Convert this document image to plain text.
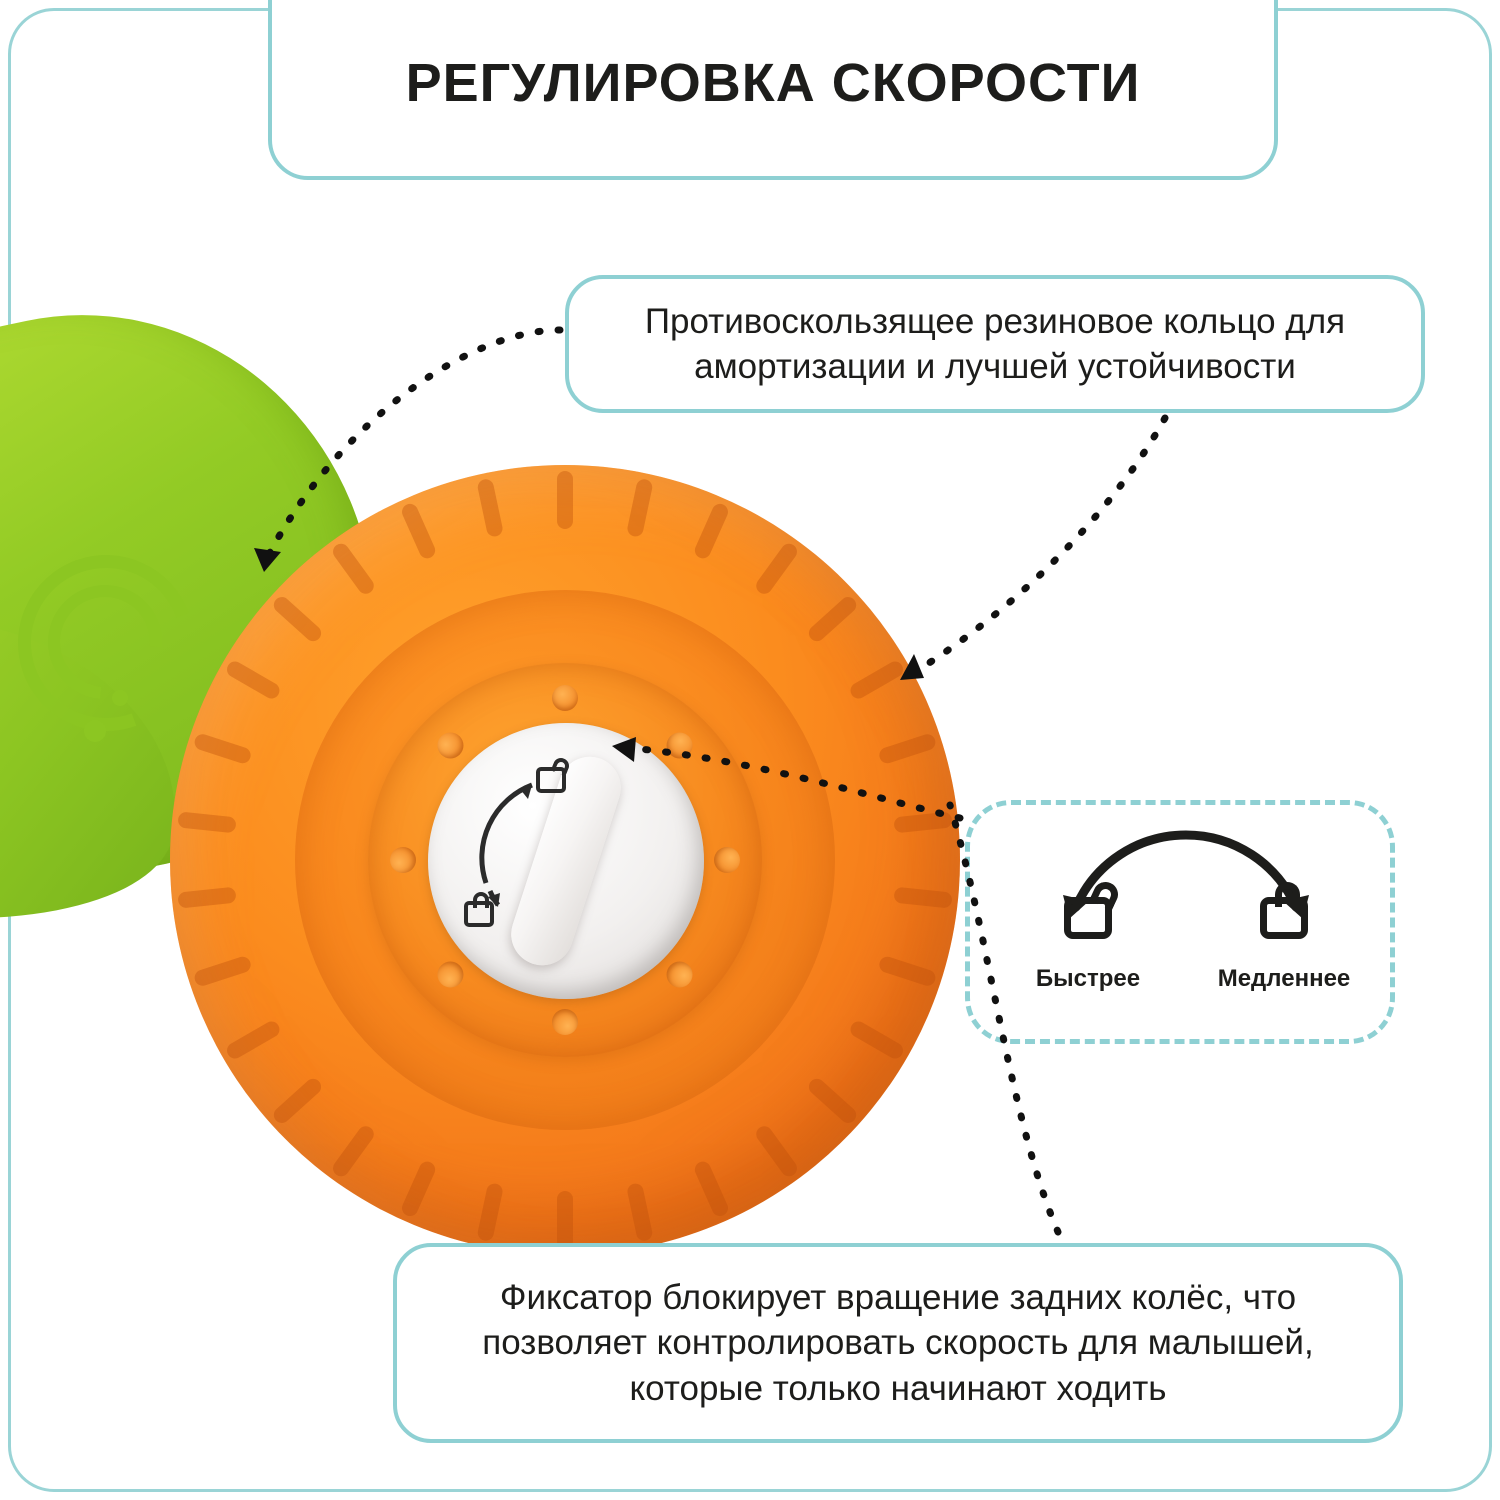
РЕГУЛИРОВКА СКОРОСТИ

Противоскользящее резиновое кольцо для амортизации и лучшей устойчивости

Быстрее	Медленнее

Фиксатор блокирует вращение задних колёс, что позволяет контролировать скорость для малышей, которые только начинают ходить
